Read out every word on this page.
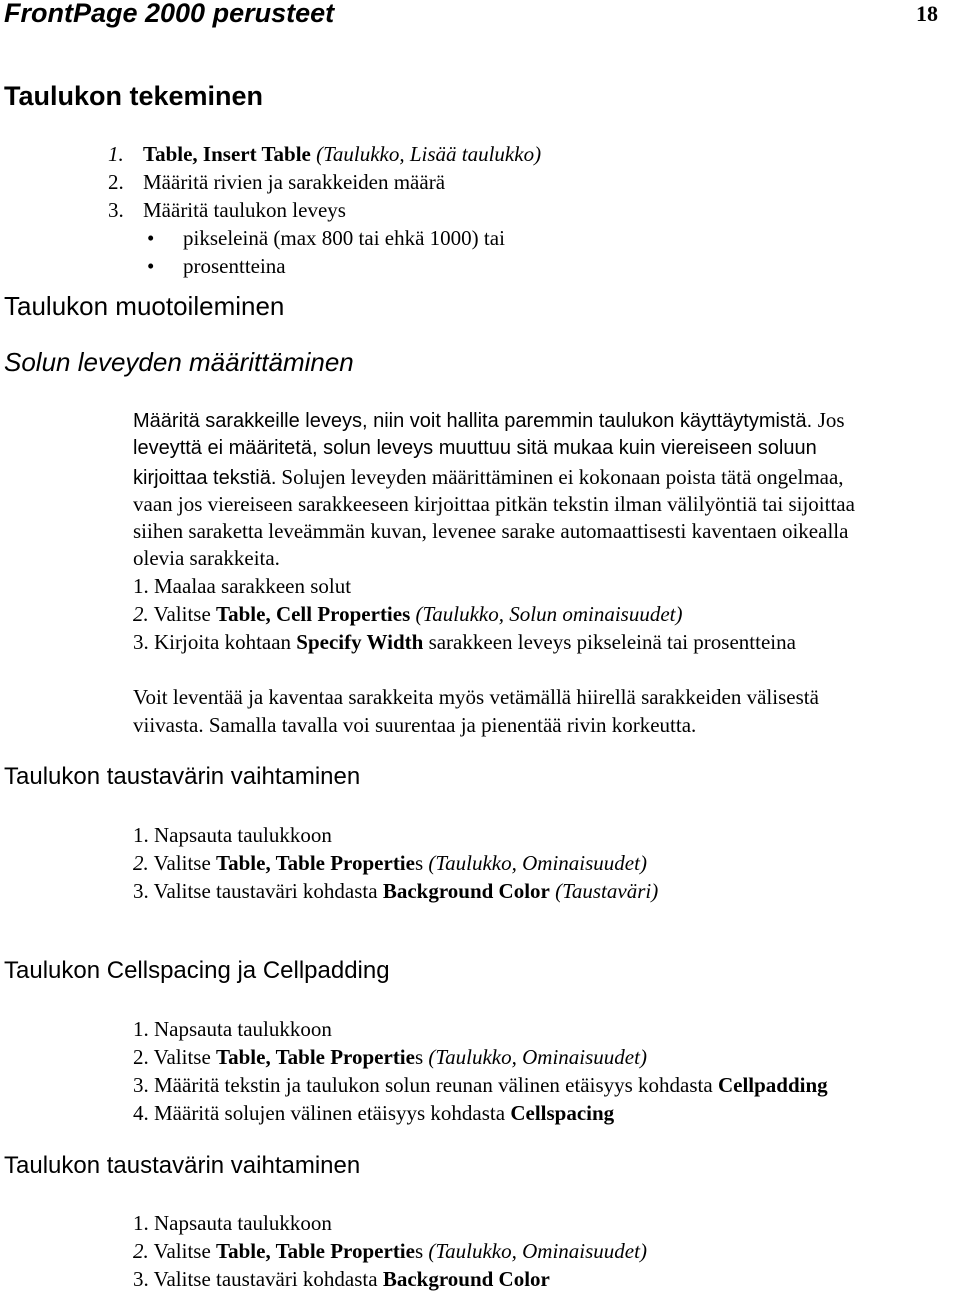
FrontPage 2000 perusteet	18
Taulukon tekeminen
1. Table, Insert Table (Taulukko, Lisää taulukko)
2. Määritä rivien ja sarakkeiden määrä
3. Määritä taulukon leveys
• pikseleinä (max 800 tai ehkä 1000) tai
• prosentteina
Taulukon muotoileminen
Solun leveyden määrittäminen
Määritä sarakkeille leveys, niin voit hallita paremmin taulukon käyttäytymistä. Jos
leveyttä ei määritetä, solun leveys muuttuu sitä mukaa kuin viereiseen soluun
kirjoittaa tekstiä. Solujen leveyden määrittäminen ei kokonaan poista tätä ongelmaa,
vaan jos viereiseen sarakkeeseen kirjoittaa pitkän tekstin ilman välilyöntiä tai sijoittaa
siihen saraketta leveämmän kuvan, levenee sarake automaattisesti kaventaen oikealla
olevia sarakkeita.
1. Maalaa sarakkeen solut
2. Valitse Table, Cell Properties (Taulukko, Solun ominaisuudet)
3. Kirjoita kohtaan Specify Width sarakkeen leveys pikseleinä tai prosentteina
Voit leventää ja kaventaa sarakkeita myös vetämällä hiirellä sarakkeiden välisestä
viivasta. Samalla tavalla voi suurentaa ja pienentää rivin korkeutta.
Taulukon taustavärin vaihtaminen
1. Napsauta taulukkoon
2. Valitse Table, Table Properties (Taulukko, Ominaisuudet)
3. Valitse taustaväri kohdasta Background Color (Taustaväri)
Taulukon Cellspacing ja Cellpadding
1. Napsauta taulukkoon
2. Valitse Table, Table Properties (Taulukko, Ominaisuudet)
3. Määritä tekstin ja taulukon solun reunan välinen etäisyys kohdasta Cellpadding
4. Määritä solujen välinen etäisyys kohdasta Cellspacing
Taulukon taustavärin vaihtaminen
1. Napsauta taulukkoon
2. Valitse Table, Table Properties (Taulukko, Ominaisuudet)
3. Valitse taustaväri kohdasta Background Color
